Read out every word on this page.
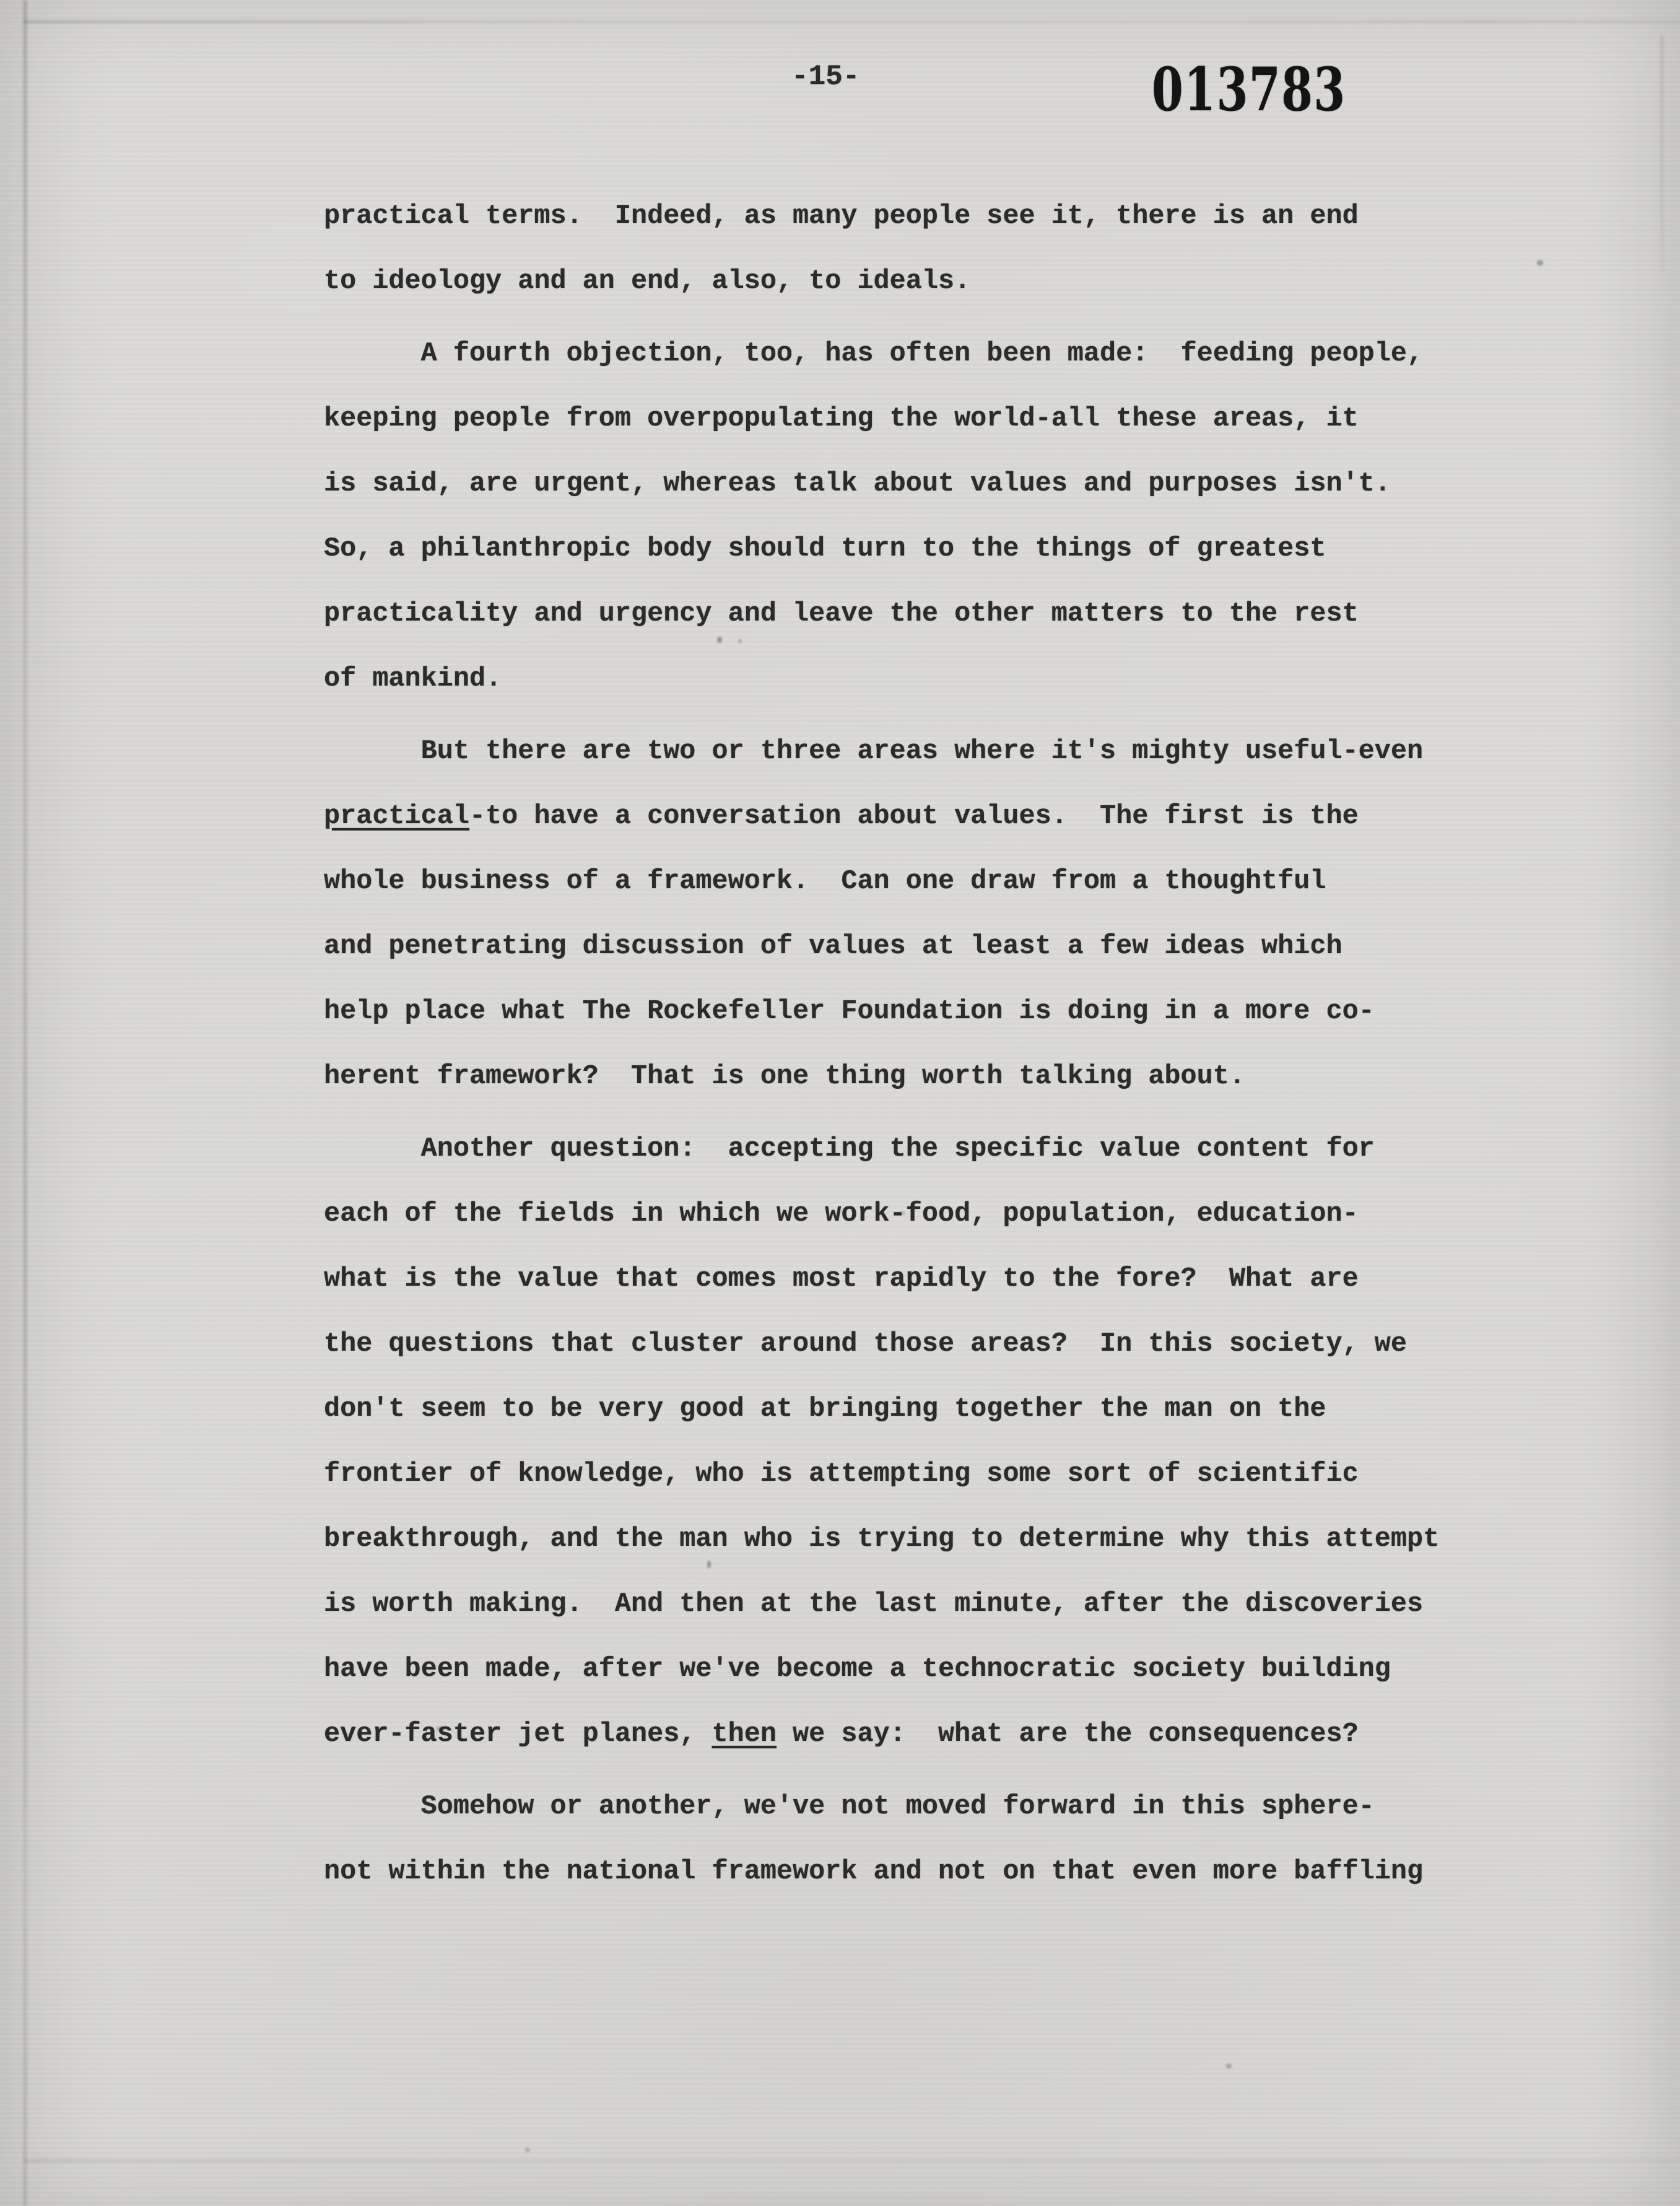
-15-	013783
practical terms.  Indeed, as many people see it, there is an end
to ideology and an end, also, to ideals.
A fourth objection, too, has often been made:  feeding people,
keeping people from overpopulating the world-all these areas, it
is said, are urgent, whereas talk about values and purposes isn't.
So, a philanthropic body should turn to the things of greatest
practicality and urgency and leave the other matters to the rest
of mankind.
But there are two or three areas where it's mighty useful-even
practical-to have a conversation about values.  The first is the
whole business of a framework.  Can one draw from a thoughtful
and penetrating discussion of values at least a few ideas which
help place what The Rockefeller Foundation is doing in a more co-
herent framework?  That is one thing worth talking about.
Another question:  accepting the specific value content for
each of the fields in which we work-food, population, education-
what is the value that comes most rapidly to the fore?  What are
the questions that cluster around those areas?  In this society, we
don't seem to be very good at bringing together the man on the
frontier of knowledge, who is attempting some sort of scientific
breakthrough, and the man who is trying to determine why this attempt
is worth making.  And then at the last minute, after the discoveries
have been made, after we've become a technocratic society building
ever-faster jet planes, then we say:  what are the consequences?
Somehow or another, we've not moved forward in this sphere-
not within the national framework and not on that even more baffling
